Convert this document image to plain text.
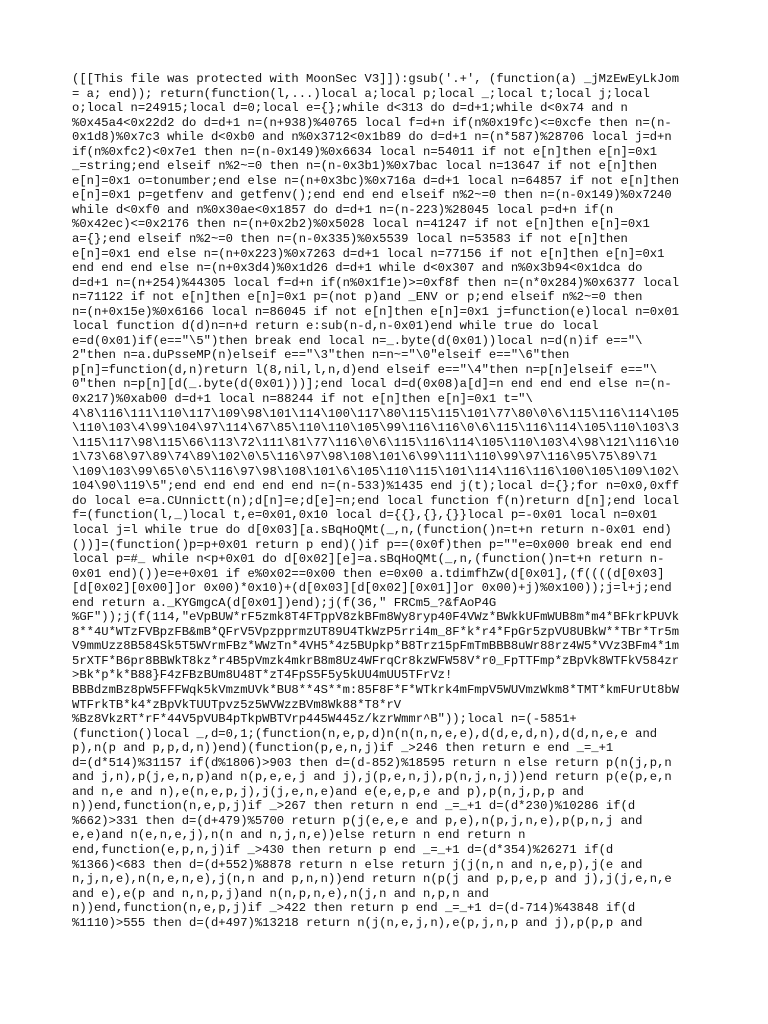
([[This file was protected with MoonSec V3]]):gsub('.+', (function(a) _jMzEwEyLkJom
= a; end)); return(function(l,...)local a;local p;local _;local t;local j;local
o;local n=24915;local d=0;local e={};while d<313 do d=d+1;while d<0x74 and n
%0x45a4<0x22d2 do d=d+1 n=(n+938)%40765 local f=d+n if(n%0x19fc)<=0xcfe then n=(n-
0x1d8)%0x7c3 while d<0xb0 and n%0x3712<0x1b89 do d=d+1 n=(n*587)%28706 local j=d+n
if(n%0xfc2)<0x7e1 then n=(n-0x149)%0x6634 local n=54011 if not e[n]then e[n]=0x1
_=string;end elseif n%2~=0 then n=(n-0x3b1)%0x7bac local n=13647 if not e[n]then
e[n]=0x1 o=tonumber;end else n=(n+0x3bc)%0x716a d=d+1 local n=64857 if not e[n]then
e[n]=0x1 p=getfenv and getfenv();end end end elseif n%2~=0 then n=(n-0x149)%0x7240
while d<0xf0 and n%0x30ae<0x1857 do d=d+1 n=(n-223)%28045 local p=d+n if(n
%0x42ec)<=0x2176 then n=(n+0x2b2)%0x5028 local n=41247 if not e[n]then e[n]=0x1
a={};end elseif n%2~=0 then n=(n-0x335)%0x5539 local n=53583 if not e[n]then
e[n]=0x1 end else n=(n+0x223)%0x7263 d=d+1 local n=77156 if not e[n]then e[n]=0x1
end end end else n=(n+0x3d4)%0x1d26 d=d+1 while d<0x307 and n%0x3b94<0x1dca do
d=d+1 n=(n+254)%44305 local f=d+n if(n%0x1f1e)>=0xf8f then n=(n*0x284)%0x6377 local
n=71122 if not e[n]then e[n]=0x1 p=(not p)and _ENV or p;end elseif n%2~=0 then
n=(n+0x15e)%0x6166 local n=86045 if not e[n]then e[n]=0x1 j=function(e)local n=0x01
local function d(d)n=n+d return e:sub(n-d,n-0x01)end while true do local
e=d(0x01)if(e=="\5")then break end local n=_.byte(d(0x01))local n=d(n)if e=="\
2"then n=a.duPsseMP(n)elseif e=="\3"then n=n~="\0"elseif e=="\6"then
p[n]=function(d,n)return l(8,nil,l,n,d)end elseif e=="\4"then n=p[n]elseif e=="\
0"then n=p[n][d(_.byte(d(0x01)))];end local d=d(0x08)a[d]=n end end end else n=(n-
0x217)%0xab00 d=d+1 local n=88244 if not e[n]then e[n]=0x1 t="\
4\8\116\111\110\117\109\98\101\114\100\117\80\115\115\101\77\80\0\6\115\116\114\105
\110\103\4\99\104\97\114\67\85\110\110\105\99\116\116\0\6\115\116\114\105\110\103\3
\115\117\98\115\66\113\72\111\81\77\116\0\6\115\116\114\105\110\103\4\98\121\116\10
1\73\68\97\89\74\89\102\0\5\116\97\98\108\101\6\99\111\110\99\97\116\95\75\89\71
\109\103\99\65\0\5\116\97\98\108\101\6\105\110\115\101\114\116\116\100\105\109\102\
104\90\119\5";end end end end end n=(n-533)%1435 end j(t);local d={};for n=0x0,0xff
do local e=a.CUnnictt(n);d[n]=e;d[e]=n;end local function f(n)return d[n];end local
f=(function(l,_)local t,e=0x01,0x10 local d={{},{},{}}local p=-0x01 local n=0x01
local j=l while true do d[0x03][a.sBqHoQMt(_,n,(function()n=t+n return n-0x01 end)
())]=(function()p=p+0x01 return p end)()if p==(0x0f)then p=""e=0x000 break end end
local p=#_ while n<p+0x01 do d[0x02][e]=a.sBqHoQMt(_,n,(function()n=t+n return n-
0x01 end)())e=e+0x01 if e%0x02==0x00 then e=0x00 a.tdimfhZw(d[0x01],(f((((d[0x03]
[d[0x02][0x00]]or 0x00)*0x10)+(d[0x03][d[0x02][0x01]]or 0x00)+j)%0x100));j=l+j;end
end return a._KYGmgcA(d[0x01])end);j(f(36," FRCm5_?&fAoP4G
%GF"));j(f(114,"eVpBUW*rF5zmk8T4FTppV8zkBFm8Wy8ryp40F4VWz*BWkkUFmWUB8m*m4*BFkrkPUVk
8**4U*WTzFVBpzFB&mB*QFrV5VpzpprmzUT89U4TkWzP5rri4m_8F*k*r4*FpGr5zpVU8UBkW**TBr*Tr5m
V9mmUzz8B584Sk5T5WVrmFBz*WWzTn*4VH5*4z5BUpkp*B8Trz15pFmTmBBB8uWr88rz4W5*VVz3BFm4*1m
5rXTF*B6pr8BBWkT8kz*r4B5pVmzk4mkrB8m8Uz4WFrqCr8kzWFW58V*r0_FpTTFmp*zBpVk8WTFkV584zr
>Bk*p*k*B88}F4zFBzBUm8U48T*zT4FpS5F5y5kUU4mUU5TFrVz!
BBBdzmBz8pW5FFFWqk5kVmzmUVk*BU8**4S**m:85F8F*F*WTkrk4mFmpV5WUVmzWkm8*TMT*kmFUrUt8bW
WTFrkTB*k4*zBpVkTUUTpvz5z5WVWzzBVm8Wk88*T8*rV
%Bz8VkzRT*rF*44V5pVUB4pTkpWBTVrp445W445z/kzrWmmr^B"));local n=(-5851+
(function()local _,d=0,1;(function(n,e,p,d)n(n(n,n,e,e),d(d,e,d,n),d(d,n,e,e and
p),n(p and p,p,d,n))end)(function(p,e,n,j)if _>246 then return e end _=_+1
d=(d*514)%31157 if(d%1806)>903 then d=(d-852)%18595 return n else return p(n(j,p,n
and j,n),p(j,e,n,p)and n(p,e,e,j and j),j(p,e,n,j),p(n,j,n,j))end return p(e(p,e,n
and n,e and n),e(n,e,p,j),j(j,e,n,e)and e(e,e,p,e and p),p(n,j,p,p and
n))end,function(n,e,p,j)if _>267 then return n end _=_+1 d=(d*230)%10286 if(d
%662)>331 then d=(d+479)%5700 return p(j(e,e,e and p,e),n(p,j,n,e),p(p,n,j and
e,e)and n(e,n,e,j),n(n and n,j,n,e))else return n end return n
end,function(e,p,n,j)if _>430 then return p end _=_+1 d=(d*354)%26271 if(d
%1366)<683 then d=(d+552)%8878 return n else return j(j(n,n and n,e,p),j(e and
n,j,n,e),n(n,e,n,e),j(n,n and p,n,n))end return n(p(j and p,p,e,p and j),j(j,e,n,e
and e),e(p and n,n,p,j)and n(n,p,n,e),n(j,n and n,p,n and
n))end,function(n,e,p,j)if _>422 then return p end _=_+1 d=(d-714)%43848 if(d
%1110)>555 then d=(d+497)%13218 return n(j(n,e,j,n),e(p,j,n,p and j),p(p,p and
